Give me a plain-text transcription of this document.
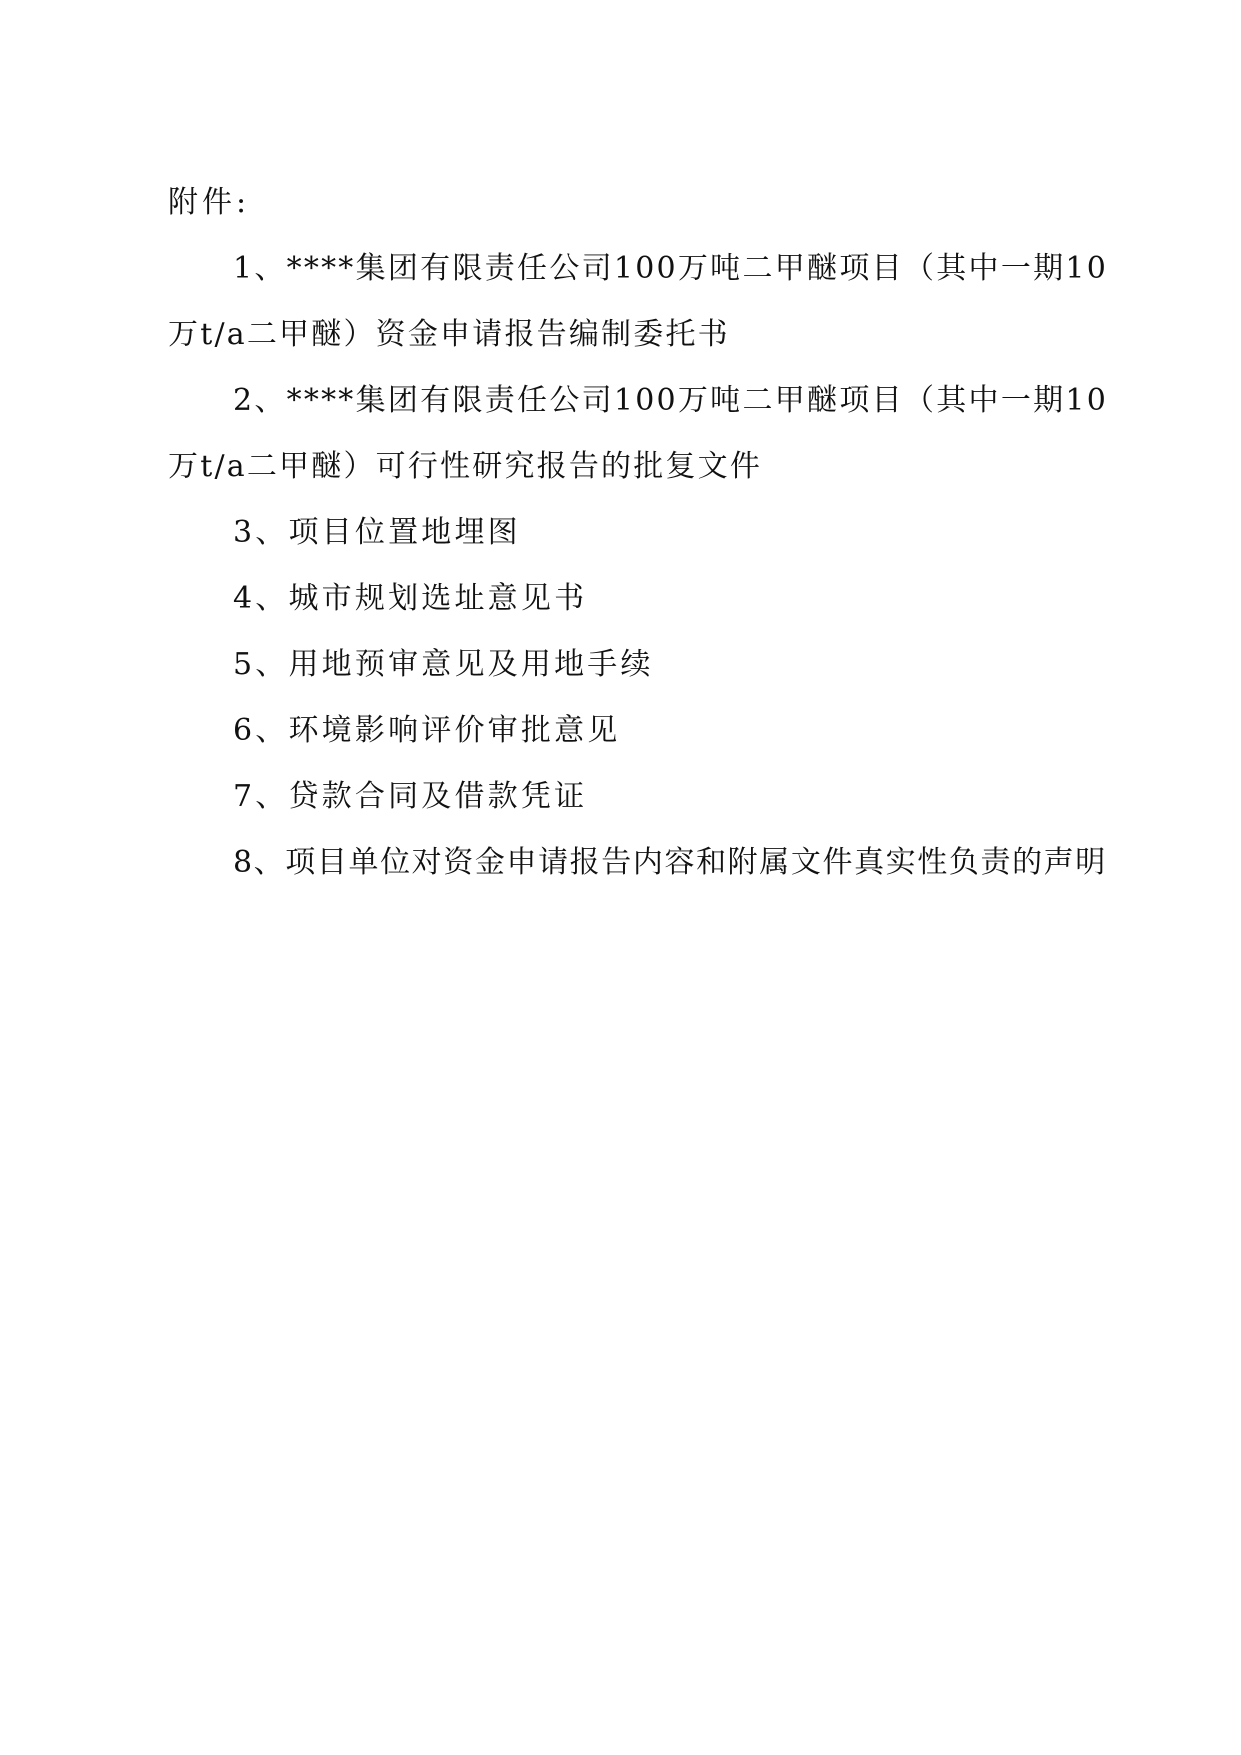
附件:

1、****集团有限责任公司100万吨二甲醚项目（其中一期10万t/a二甲醚）资金申请报告编制委托书

2、****集团有限责任公司100万吨二甲醚项目（其中一期10万t/a二甲醚）可行性研究报告的批复文件

3、项目位置地埋图

4、城市规划选址意见书

5、用地预审意见及用地手续

6、环境影响评价审批意见

7、贷款合同及借款凭证

8、项目单位对资金申请报告内容和附属文件真实性负责的声明
